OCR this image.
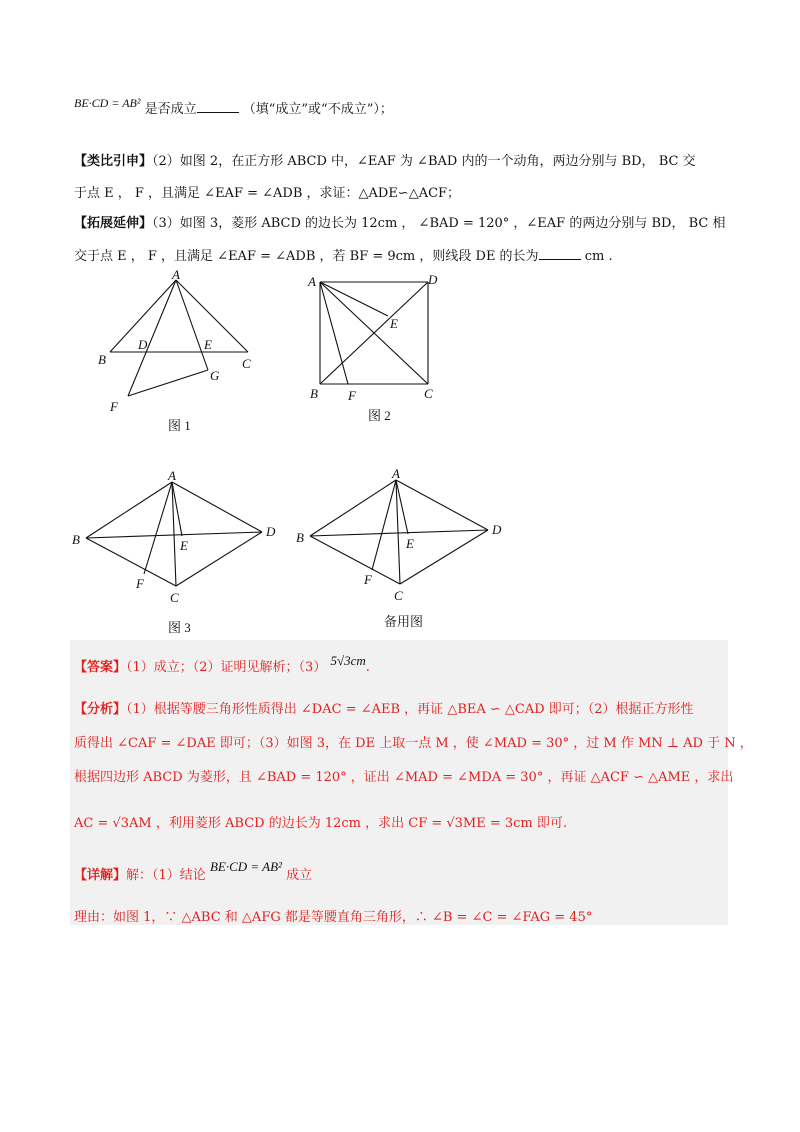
BE·CD = AB² 是否成立	（填“成立”或“不成立”）；
【类比引申】（2）如图 2，在正方形 ABCD 中，∠EAF 为 ∠BAD 内的一个动角，两边分别与 BD， BC 交
于点 E ， F ，且满足 ∠EAF = ∠ADB ，求证：△ADE∽△ACF；
【拓展延伸】（3）如图 3，菱形 ABCD 的边长为 12cm ， ∠BAD = 120° ，∠EAF 的两边分别与 BD， BC 相
交于点 E ， F ，且满足 ∠EAF = ∠ADB ，若 BF = 9cm ，则线段 DE 的长为	cm .
A
B	C
D	E
F
G
图 1
A
B	C
D
E
F
图 2
A
B
C
D
E
F
图 3
A
B
C
D
E
F
备用图
【答案】（1）成立；（2）证明见解析；（3） 5√3cm.
【分析】（1）根据等腰三角形性质得出 ∠DAC = ∠AEB ，再证 △BEA ∽ △CAD 即可；（2）根据正方形性
质得出 ∠CAF = ∠DAE 即可；（3）如图 3，在 DE 上取一点 M ，使 ∠MAD = 30° ，过 M 作 MN ⊥ AD 于 N ，
根据四边形 ABCD 为菱形，且 ∠BAD = 120° ，证出 ∠MAD = ∠MDA = 30° ，再证 △ACF ∽ △AME ，求出
AC = √3AM ，利用菱形 ABCD 的边长为 12cm ，求出 CF = √3ME = 3cm 即可.
【详解】解：（1）结论 BE·CD = AB² 成立
理由：如图 1，∵ △ABC 和 △AFG 都是等腰直角三角形，∴ ∠B = ∠C = ∠FAG = 45°
